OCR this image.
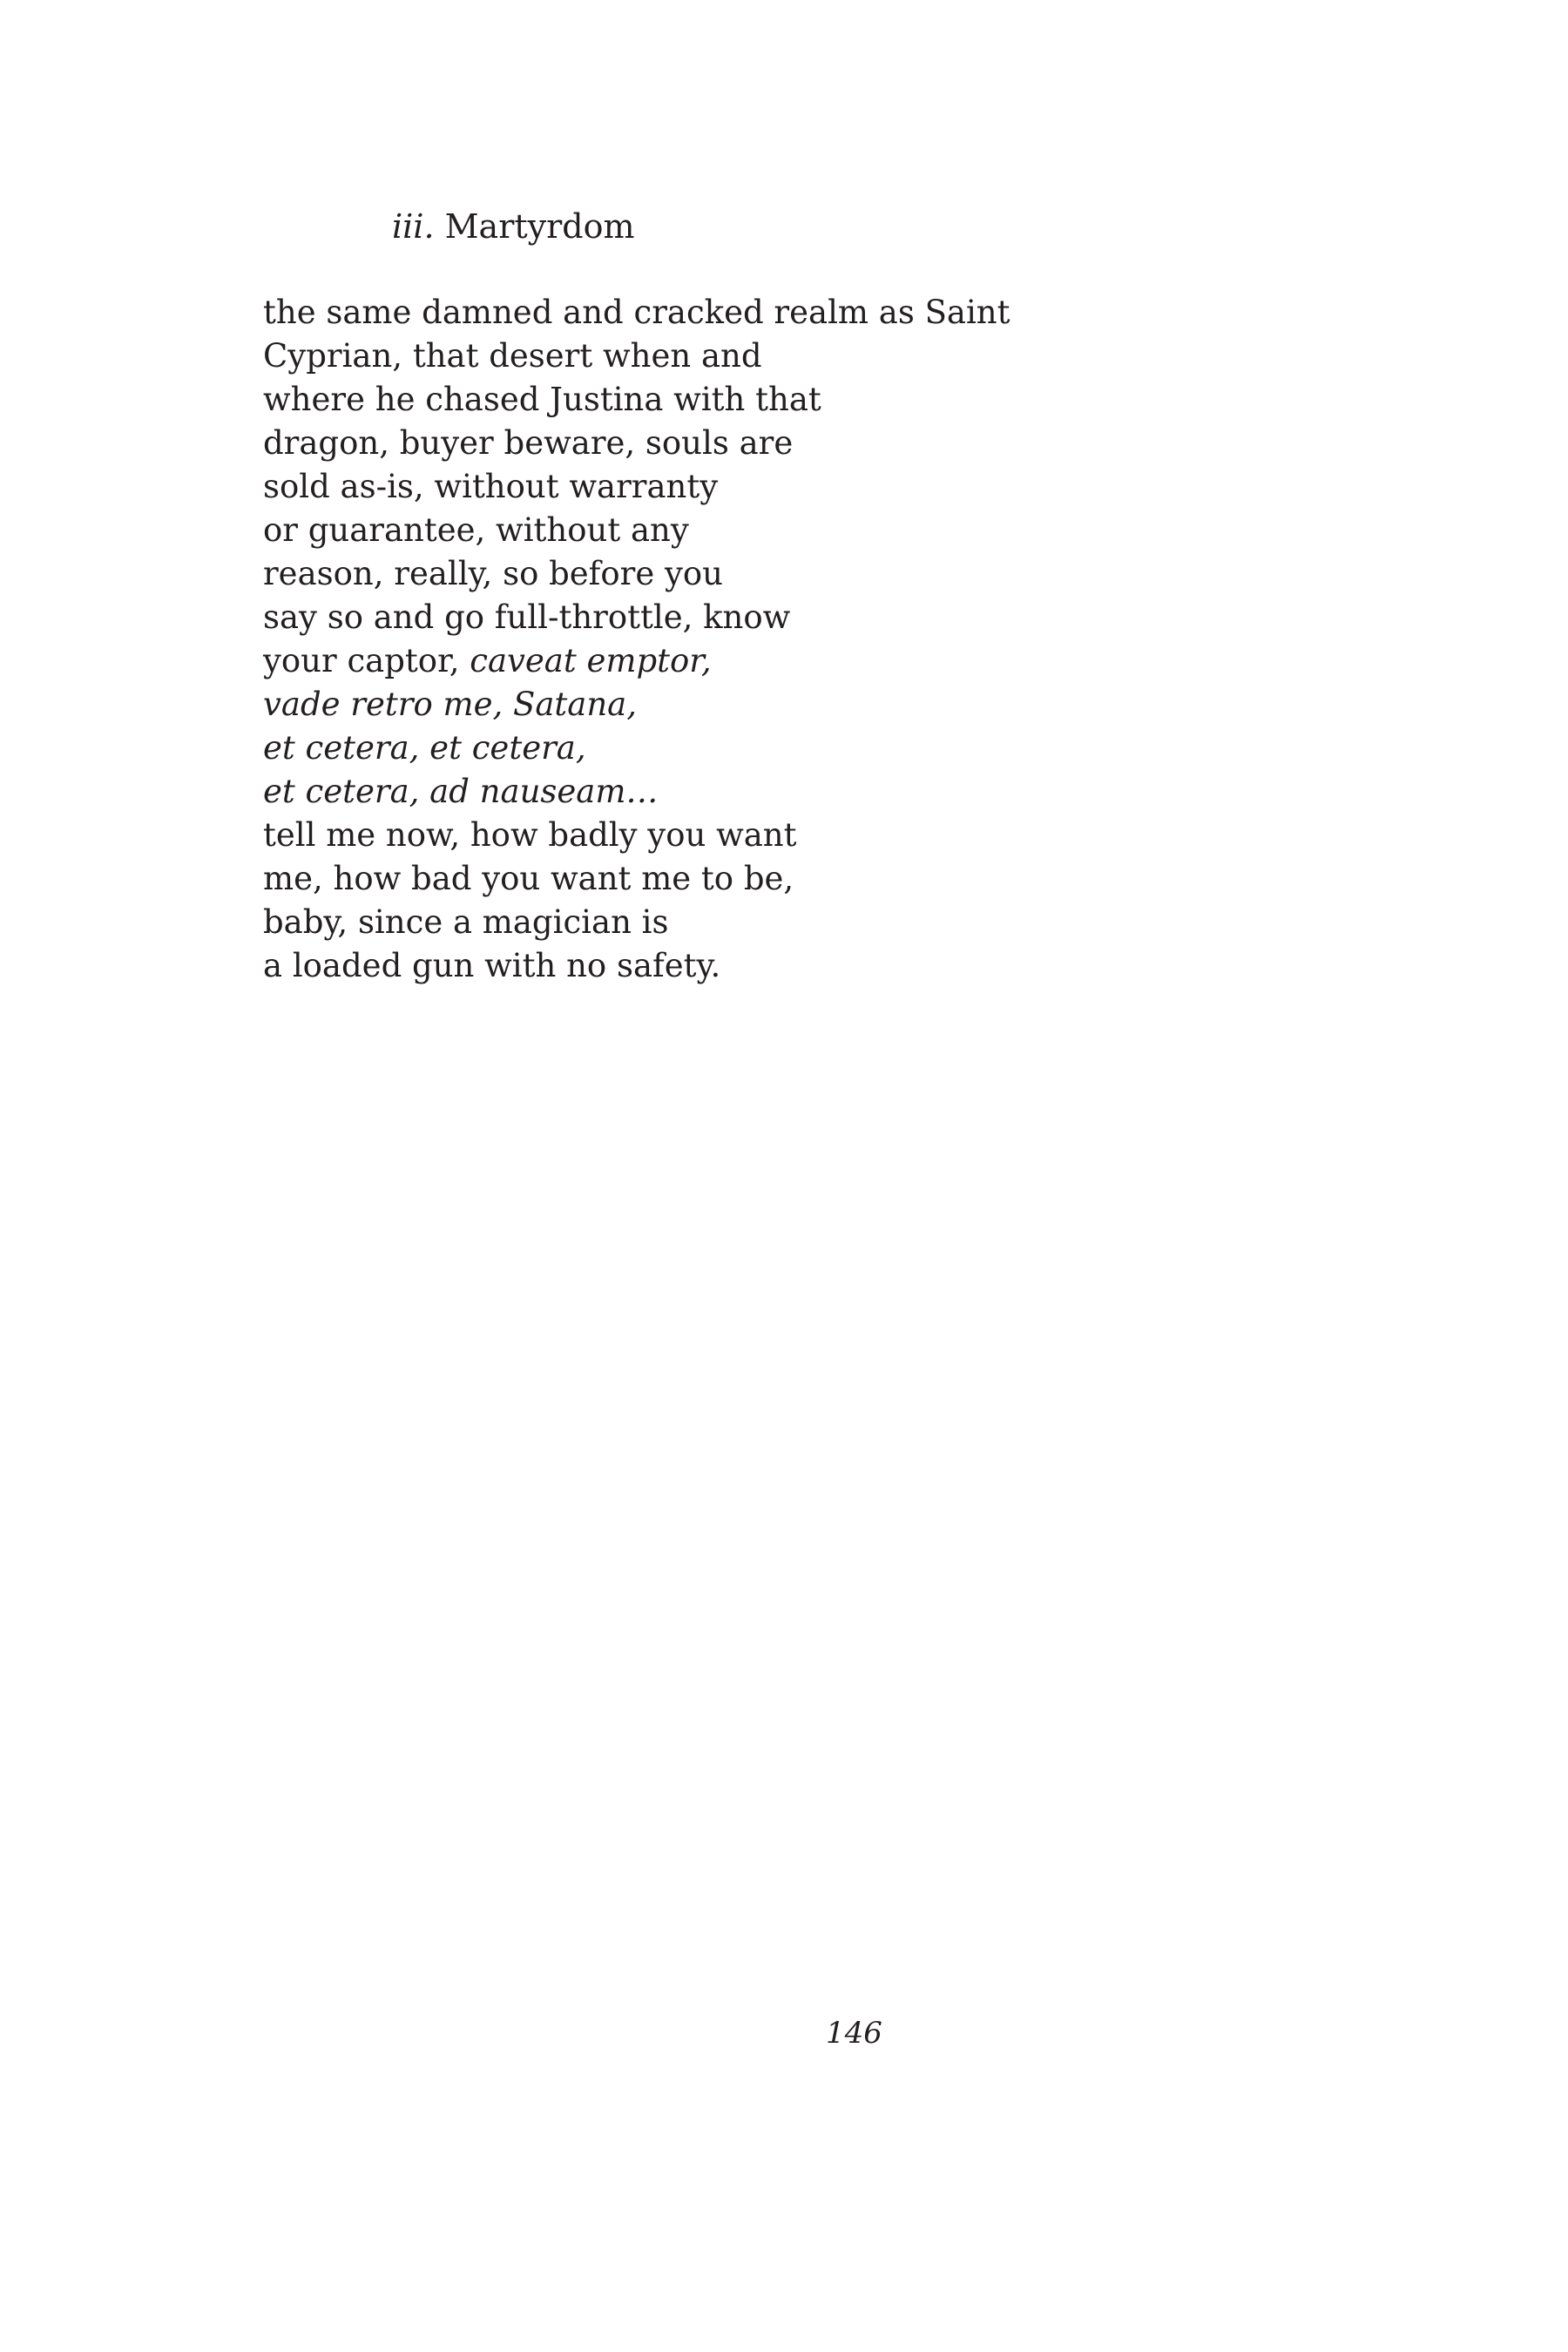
iii. Martyrdom
the same damned and cracked realm as Saint
Cyprian, that desert when and
where he chased Justina with that
dragon, buyer beware, souls are
sold as-is, without warranty
or guarantee, without any
reason, really, so before you
say so and go full-throttle, know
your captor, caveat emptor,
vade retro me, Satana,
et cetera, et cetera,
et cetera, ad nauseam…
tell me now, how badly you want
me, how bad you want me to be,
baby, since a magician is
a loaded gun with no safety.
146
